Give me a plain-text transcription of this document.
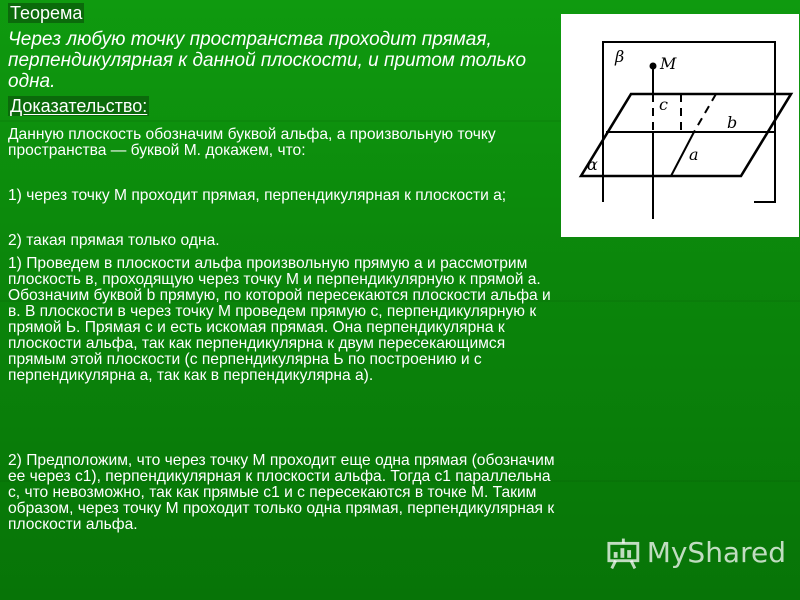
Теорема
Через любую точку пространства проходит прямая, перпендикулярная к данной плоскости, и притом только одна.
Доказательство:
Данную плоскость обозначим буквой альфа, а произвольную точку пространства — буквой М. докажем, что:
1) через точку М проходит прямая, перпендикулярная к плоскости а;
2) такая прямая только одна.
1) Проведем в плоскости альфа произвольную прямую а и рассмотрим плоскость в, проходящую через точку М и перпендикулярную к прямой а. Обозначим буквой b прямую, по которой пересекаются плоскости альфа и в. В плоскости в через точку М проведем прямую с, перпендикулярную к прямой Ь. Прямая с и есть искомая прямая. Она перпендикулярна к плоскости альфа, так как перпендикулярна к двум пересекающимся прямым этой плоскости (с перпендикулярна Ь по построению и с перпендикулярна а, так как в перпендикулярна а).
2) Предположим, что через точку М проходит еще одна прямая (обозначим ее через с1), перпендикулярная к плоскости альфа. Тогда с1 параллельна с, что невозможно, так как прямые с1 и с пересекаются в точке М. Таким образом, через точку М проходит только одна прямая, перпендикулярная к плоскости альфа.
β M
c
b
a
α
MyShared
